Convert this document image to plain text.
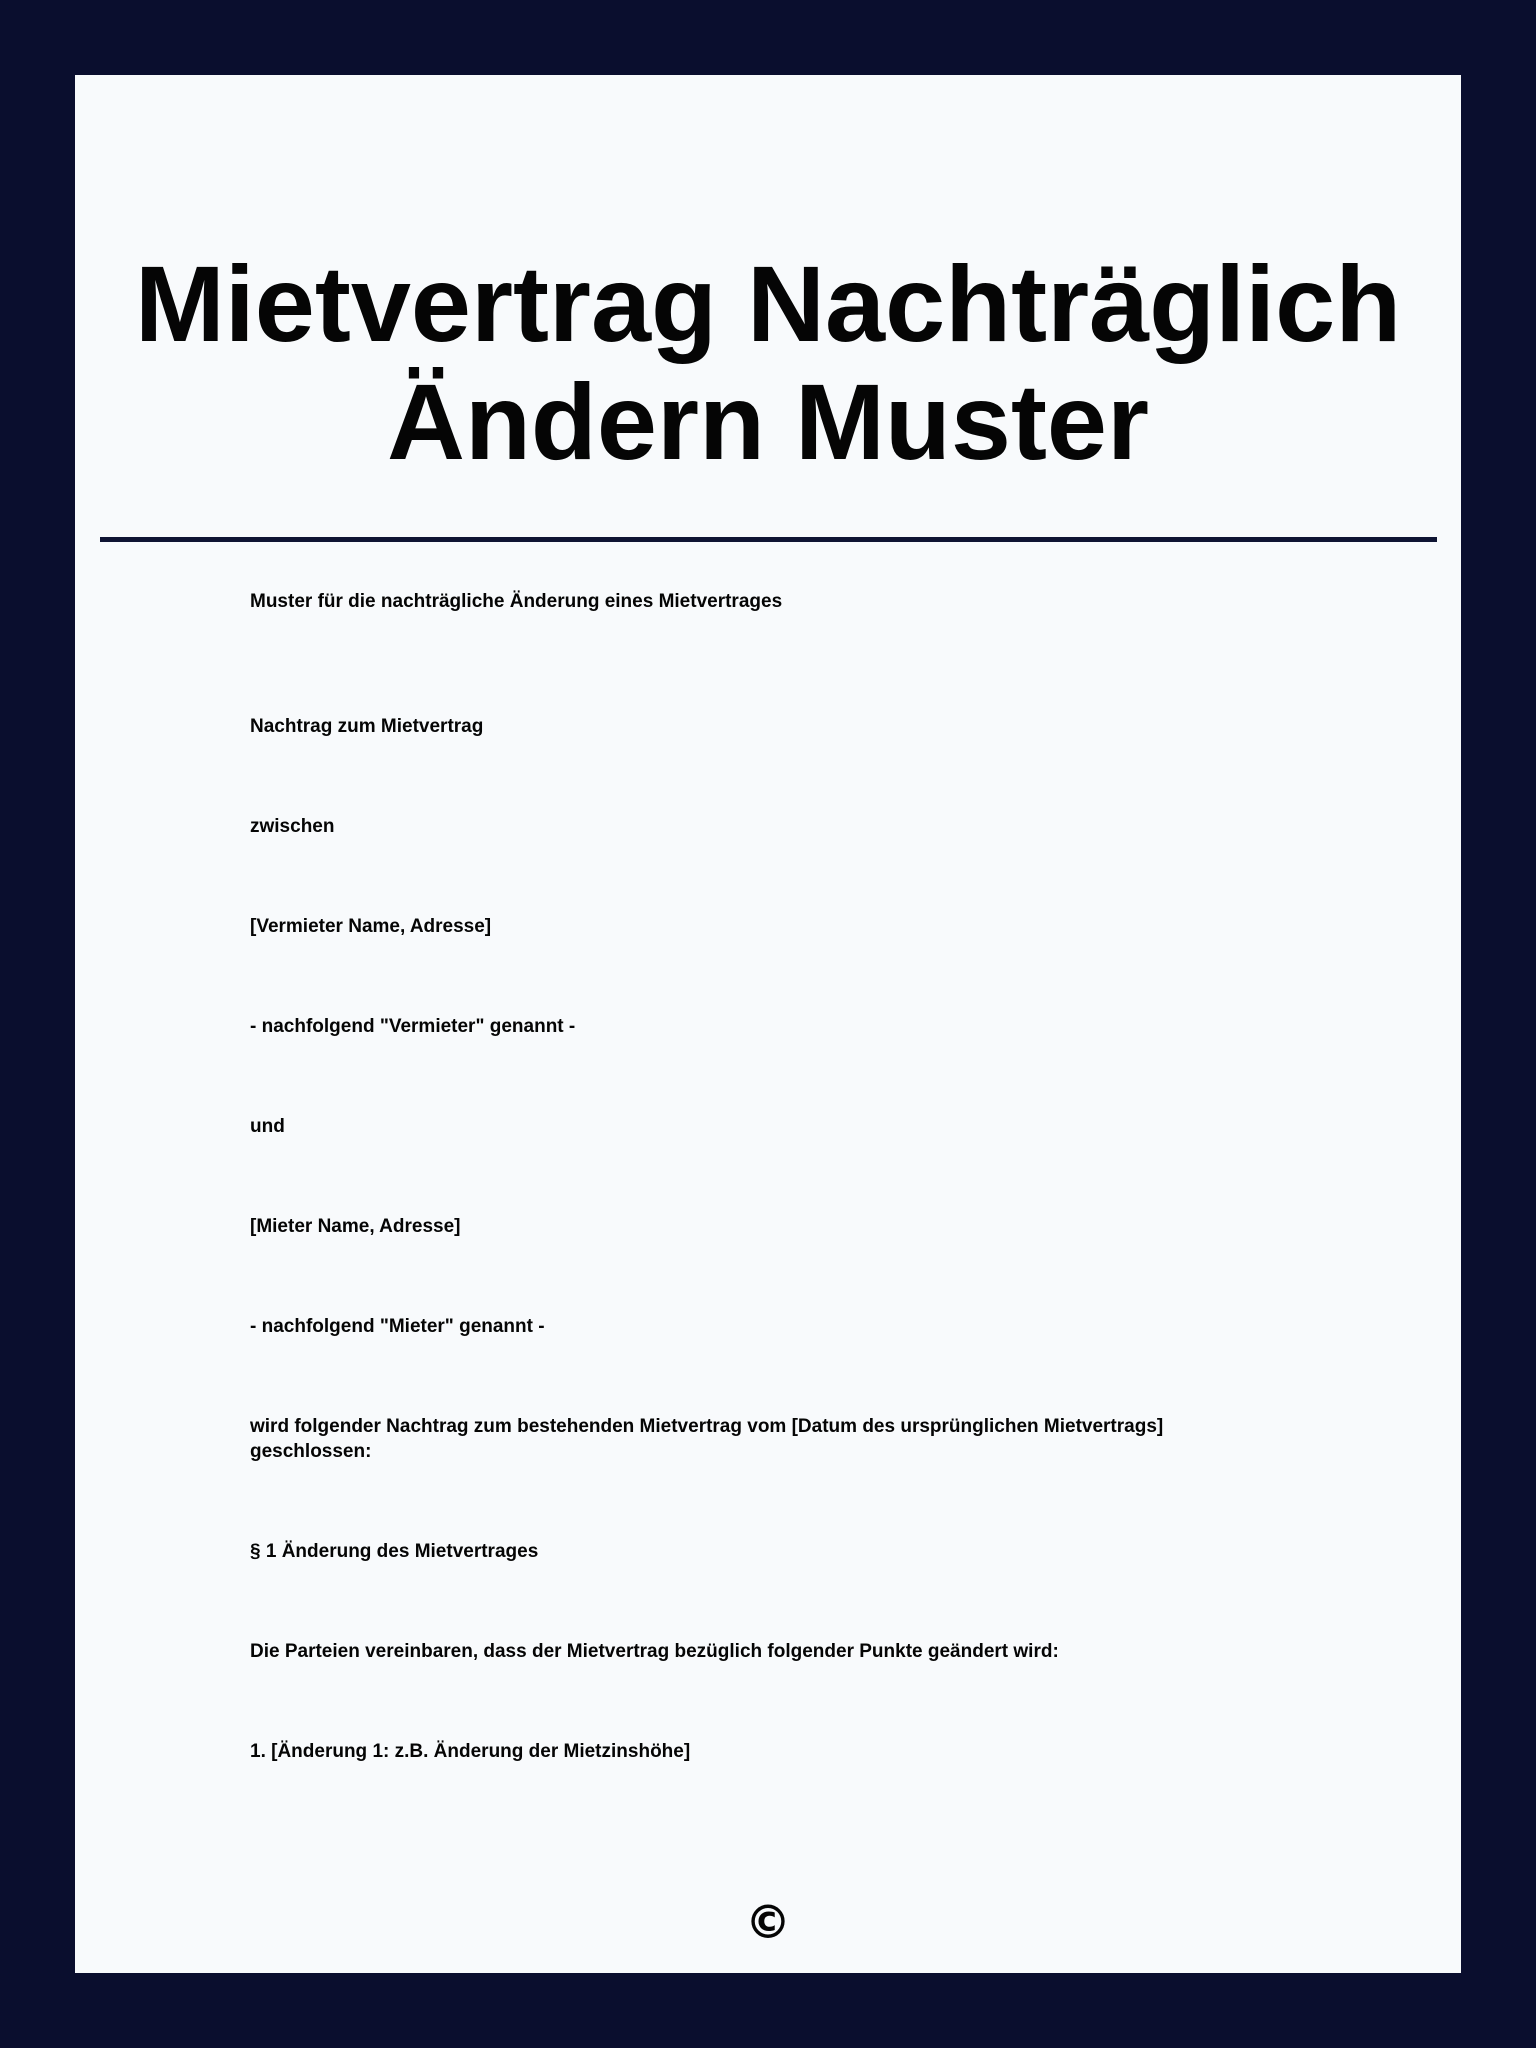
Mietvertrag Nachträglich Ändern Muster

Muster für die nachträgliche Änderung eines Mietvertrages

Nachtrag zum Mietvertrag

zwischen

[Vermieter Name, Adresse]

- nachfolgend "Vermieter" genannt -

und

[Mieter Name, Adresse]

- nachfolgend "Mieter" genannt -

wird folgender Nachtrag zum bestehenden Mietvertrag vom [Datum des ursprünglichen Mietvertrags] geschlossen:

§ 1 Änderung des Mietvertrages

Die Parteien vereinbaren, dass der Mietvertrag bezüglich folgender Punkte geändert wird:

1. [Änderung 1: z.B. Änderung der Mietzinshöhe]

©
